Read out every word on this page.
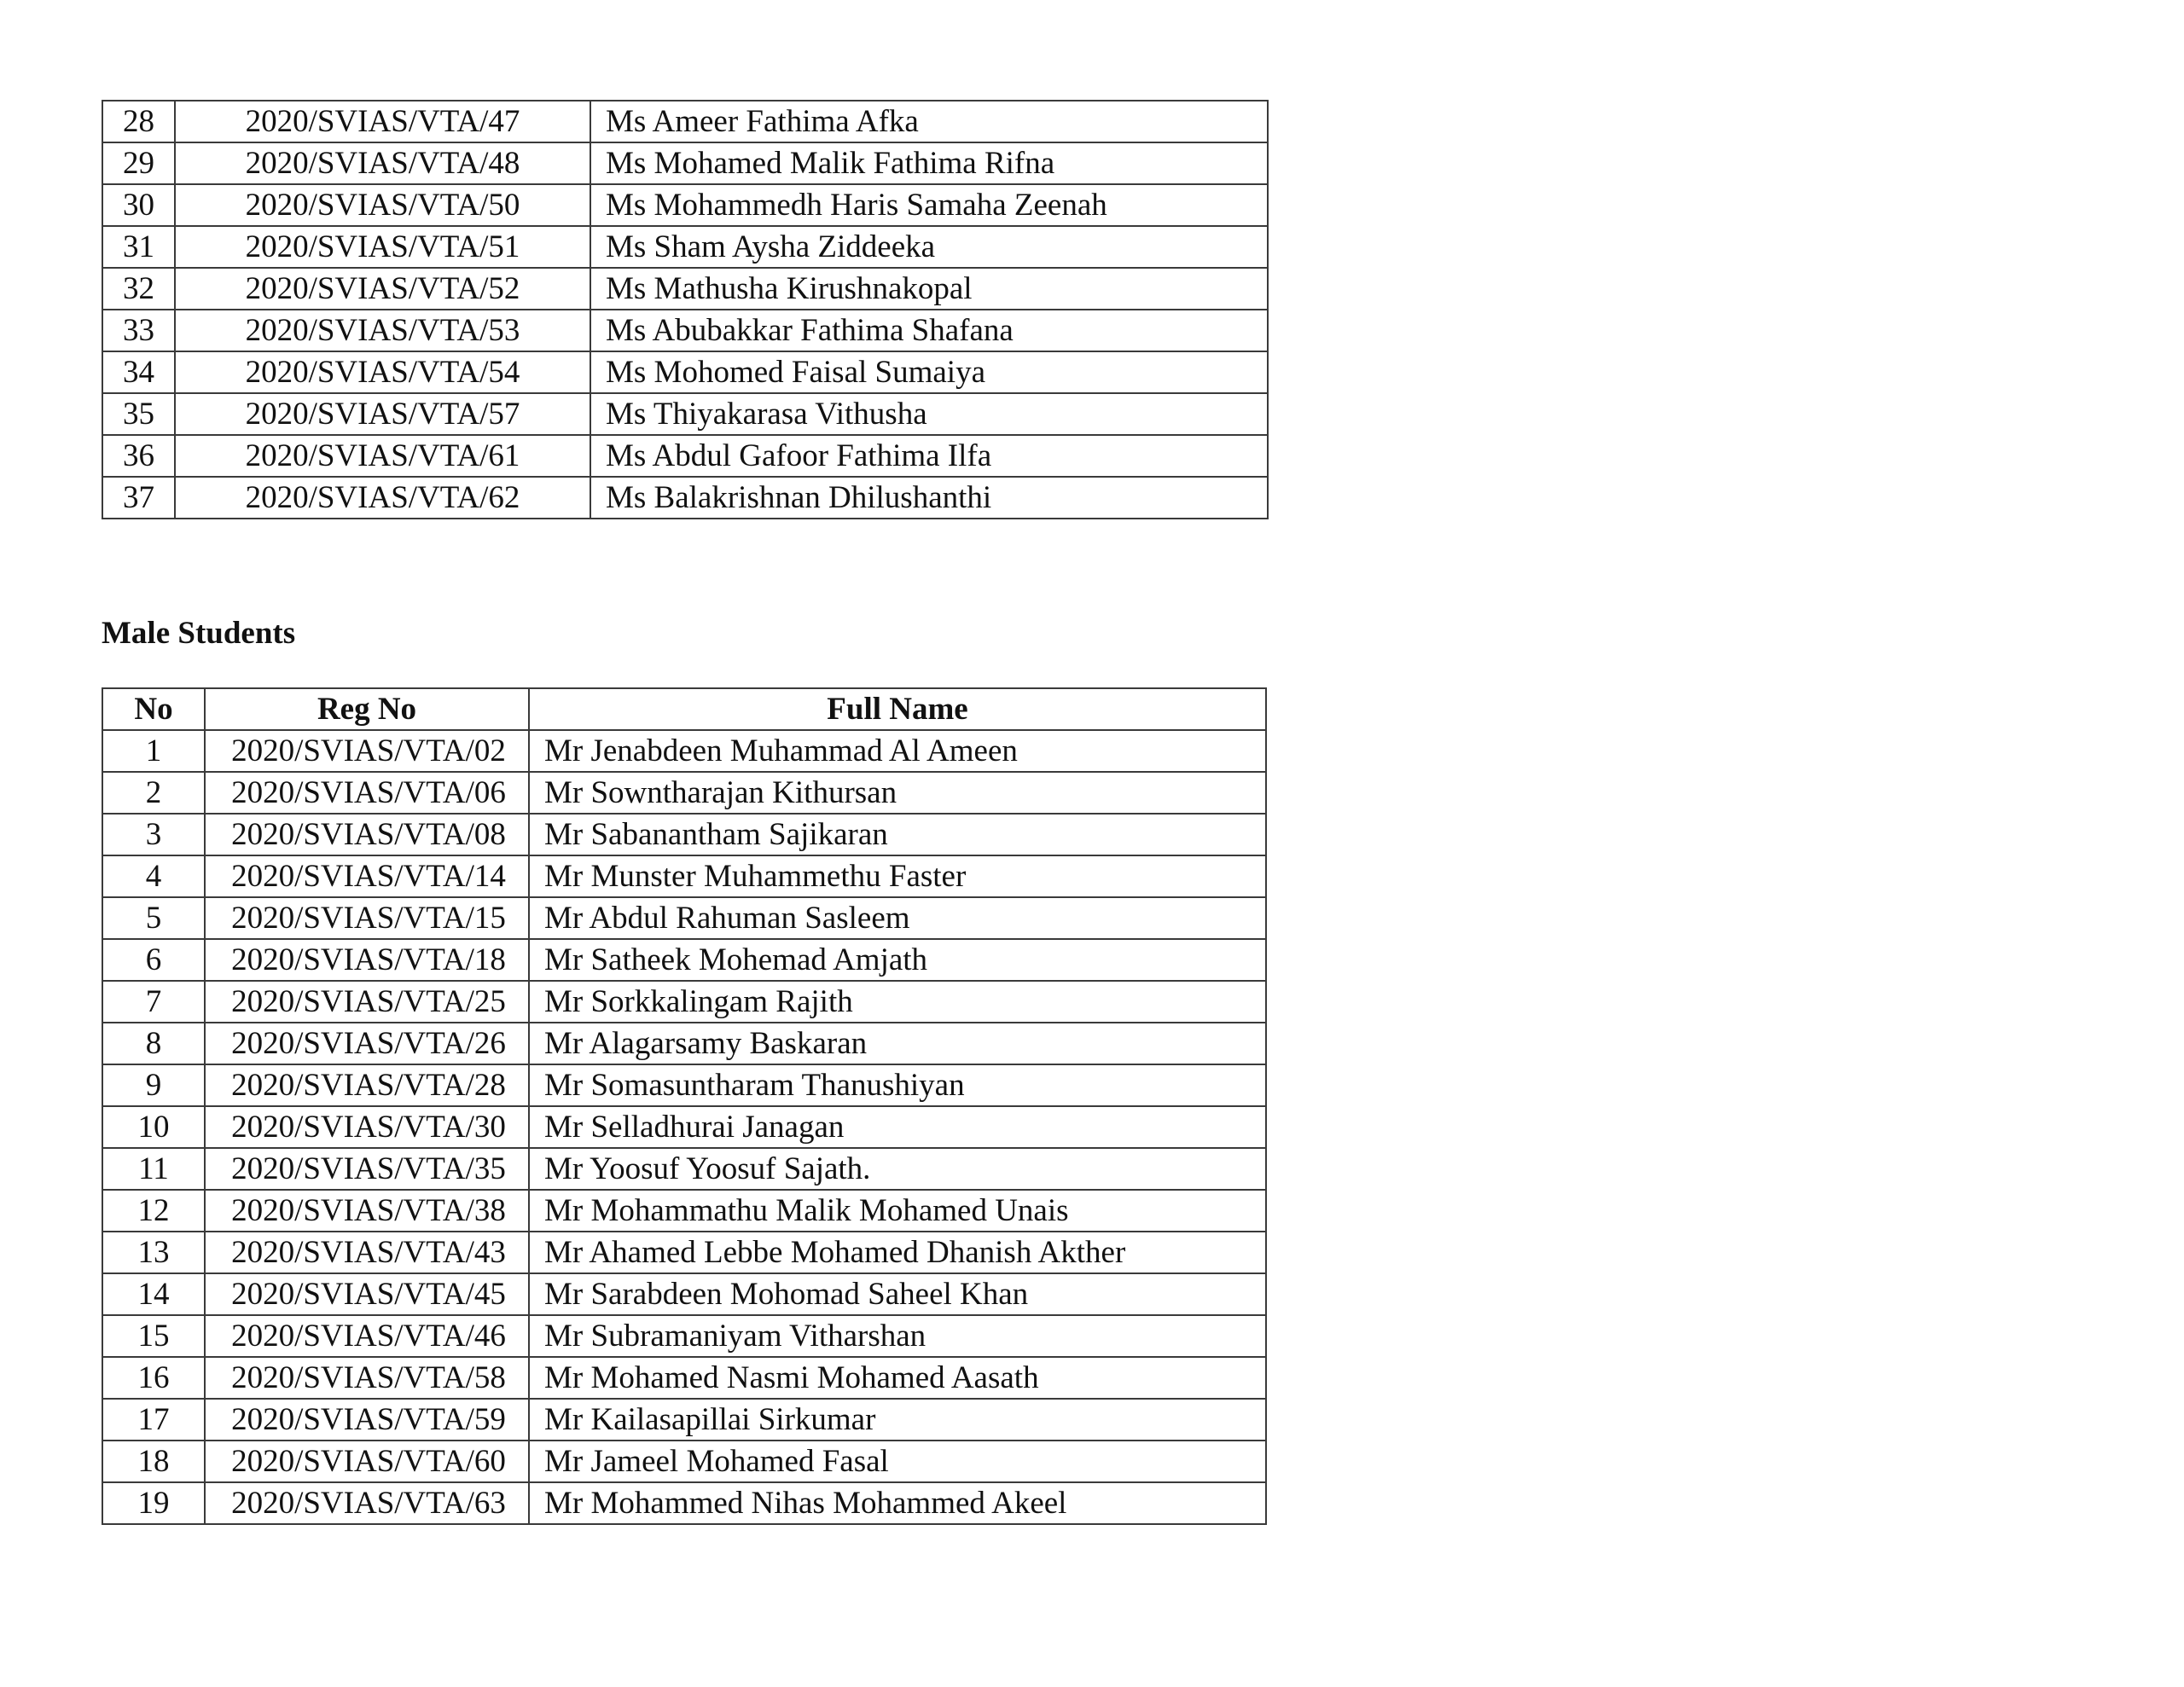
28	2020/SVIAS/VTA/47	Ms Ameer Fathima Afka
29	2020/SVIAS/VTA/48	Ms Mohamed Malik Fathima Rifna
30	2020/SVIAS/VTA/50	Ms Mohammedh Haris Samaha Zeenah
31	2020/SVIAS/VTA/51	Ms Sham Aysha Ziddeeka
32	2020/SVIAS/VTA/52	Ms Mathusha Kirushnakopal
33	2020/SVIAS/VTA/53	Ms Abubakkar Fathima Shafana
34	2020/SVIAS/VTA/54	Ms Mohomed Faisal Sumaiya
35	2020/SVIAS/VTA/57	Ms Thiyakarasa Vithusha
36	2020/SVIAS/VTA/61	Ms Abdul Gafoor Fathima Ilfa
37	2020/SVIAS/VTA/62	Ms Balakrishnan Dhilushanthi
Male Students
No	Reg No	Full Name
1	2020/SVIAS/VTA/02	Mr Jenabdeen Muhammad Al Ameen
2	2020/SVIAS/VTA/06	Mr Sowntharajan Kithursan
3	2020/SVIAS/VTA/08	Mr Sabanantham Sajikaran
4	2020/SVIAS/VTA/14	Mr Munster Muhammethu Faster
5	2020/SVIAS/VTA/15	Mr Abdul Rahuman Sasleem
6	2020/SVIAS/VTA/18	Mr Satheek Mohemad Amjath
7	2020/SVIAS/VTA/25	Mr Sorkkalingam Rajith
8	2020/SVIAS/VTA/26	Mr Alagarsamy Baskaran
9	2020/SVIAS/VTA/28	Mr Somasuntharam Thanushiyan
10	2020/SVIAS/VTA/30	Mr Selladhurai Janagan
11	2020/SVIAS/VTA/35	Mr Yoosuf Yoosuf Sajath.
12	2020/SVIAS/VTA/38	Mr Mohammathu Malik Mohamed Unais
13	2020/SVIAS/VTA/43	Mr Ahamed Lebbe Mohamed Dhanish Akther
14	2020/SVIAS/VTA/45	Mr Sarabdeen Mohomad Saheel Khan
15	2020/SVIAS/VTA/46	Mr Subramaniyam Vitharshan
16	2020/SVIAS/VTA/58	Mr Mohamed Nasmi Mohamed Aasath
17	2020/SVIAS/VTA/59	Mr Kailasapillai Sirkumar
18	2020/SVIAS/VTA/60	Mr Jameel Mohamed Fasal
19	2020/SVIAS/VTA/63	Mr Mohammed Nihas Mohammed Akeel
